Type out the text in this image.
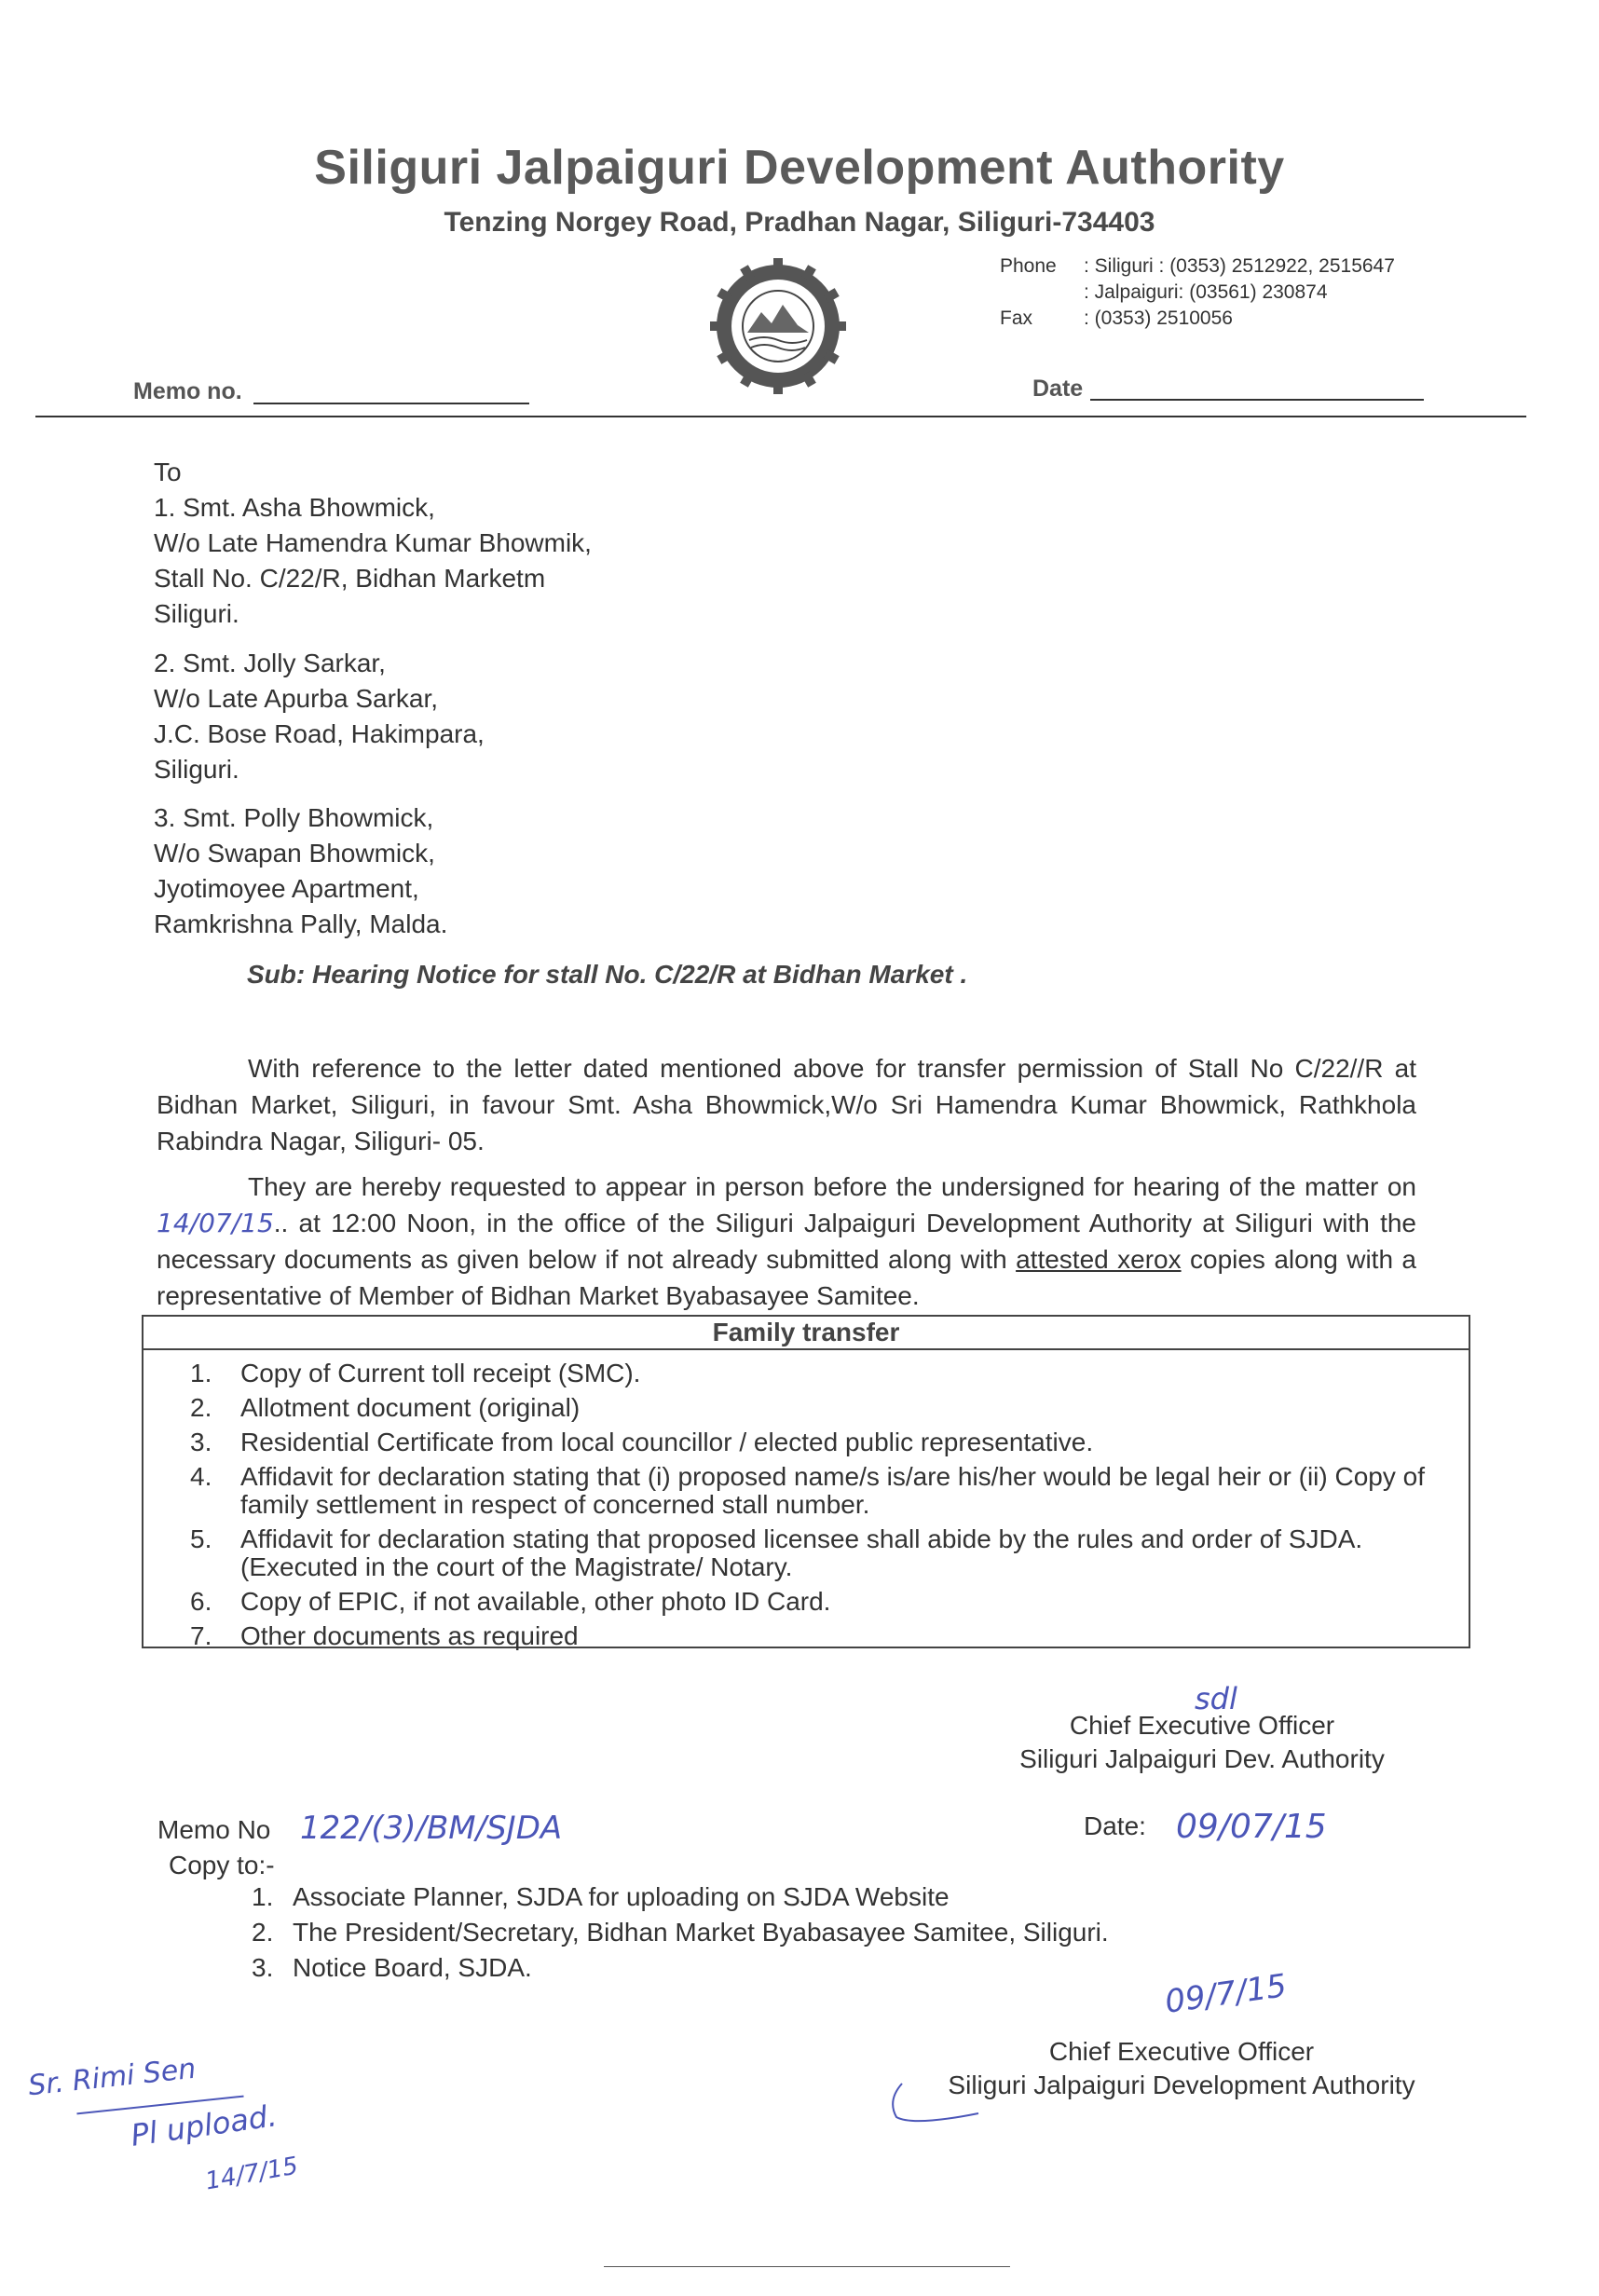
Siliguri Jalpaiguri Development Authority
Tenzing Norgey Road, Pradhan Nagar, Siliguri-734403
Phone : Siliguri : (0353) 2512922, 2515647
: Jalpaiguri: (03561) 230874
Fax	: (0353) 2510056
Memo no.	Date
To
1. Smt. Asha Bhowmick,
W/o Late Hamendra Kumar Bhowmik,
Stall No. C/22/R, Bidhan Marketm
Siliguri.
2. Smt. Jolly Sarkar,
W/o Late Apurba Sarkar,
J.C. Bose Road, Hakimpara,
Siliguri.
3. Smt. Polly Bhowmick,
W/o Swapan Bhowmick,
Jyotimoyee Apartment,
Ramkrishna Pally, Malda.
Sub: Hearing Notice for stall No. C/22/R at Bidhan Market .
With reference to the letter dated mentioned above for transfer permission of Stall No C/22//R at Bidhan Market, Siliguri, in favour Smt. Asha Bhowmick,W/o Sri Hamendra Kumar Bhowmick, Rathkhola Rabindra Nagar, Siliguri- 05.
They are hereby requested to appear in person before the undersigned for hearing of the matter on 14/07/15.. at 12:00 Noon, in the office of the Siliguri Jalpaiguri Development Authority at Siliguri with the necessary documents as given below if not already submitted along with attested xerox copies along with a representative of Member of Bidhan Market Byabasayee Samitee.
Family transfer
1.	Copy of Current toll receipt (SMC).
2.	Allotment document (original)
3.	Residential Certificate from local councillor / elected public representative.
4.	Affidavit for declaration stating that (i) proposed name/s is/are his/her would be legal heir or (ii) Copy of family settlement in respect of concerned stall number.
5.	Affidavit for declaration stating that proposed licensee shall abide by the rules and order of SJDA. (Executed in the court of the Magistrate/ Notary.
6.	Copy of EPIC, if not available, other photo ID Card.
7.	Other documents as required
sdl
Chief Executive Officer
Siliguri Jalpaiguri Dev. Authority
Memo No 122/(3)/BM/SJDA	Date: 09/07/15
Copy to:-
1. Associate Planner, SJDA for uploading on SJDA Website
2. The President/Secretary, Bidhan Market Byabasayee Samitee, Siliguri.
3. Notice Board, SJDA.	09/7/15
Chief Executive Officer
Siliguri Jalpaiguri Development Authority
Sr. Rimi Sen
Pl upload.
14/7/15
